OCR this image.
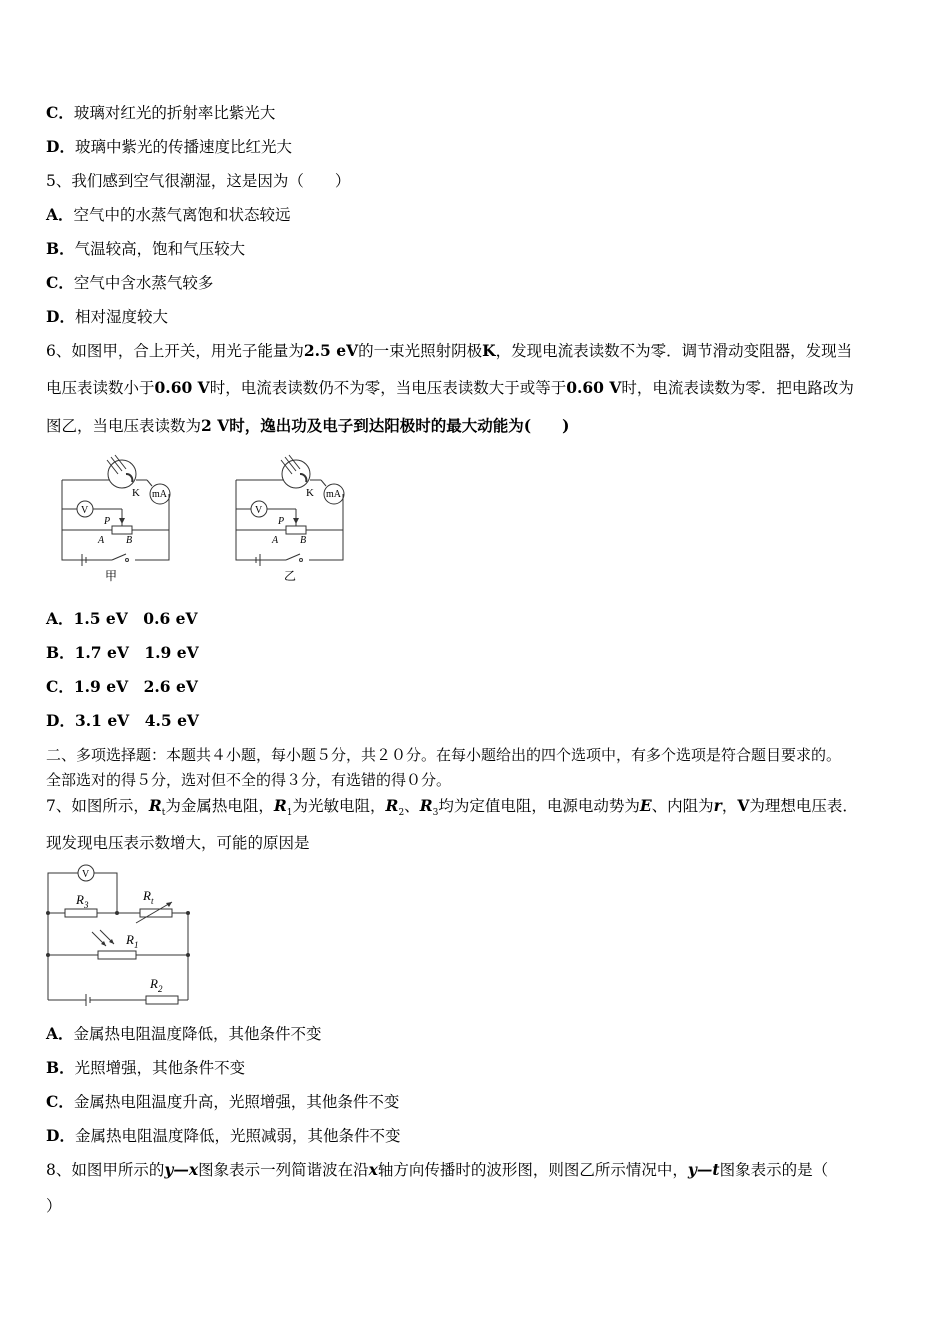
C．玻璃对红光的折射率比紫光大
D．玻璃中紫光的传播速度比红光大
5、我们感到空气很潮湿，这是因为（　　）
A．空气中的水蒸气离饱和状态较远
B．气温较高，饱和气压较大
C．空气中含水蒸气较多
D．相对湿度较大
6、如图甲，合上开关，用光子能量为2.5 eV的一束光照射阴极K，发现电流表读数不为零．调节滑动变阻器，发现当
电压表读数小于0.60 V时，电流表读数仍不为零，当电压表读数大于或等于0.60 V时，电流表读数为零．把电路改为
图乙，当电压表读数为2 V时，逸出功及电子到达阳极时的最大动能为(　　)
K mA
V
P
A B
甲
K mA
V
P
A B
乙
A．1.5 eV　0.6 eV
B．1.7 eV　1.9 eV
C．1.9 eV　2.6 eV
D．3.1 eV　4.5 eV
二、多项选择题：本题共４小题，每小题５分，共２０分。在每小题给出的四个选项中，有多个选项是符合题目要求的。
全部选对的得５分，选对但不全的得３分，有选错的得０分。
7、如图所示，$R_t$为金属热电阻，$R_1$为光敏电阻，$R_2$、$R_3$均为定值电阻，电源电动势为E、内阻为r，V为理想电压表．
现发现电压表示数增大，可能的原因是
V
$R_3$
$R_t$
$R_1$
$R_2$
A．金属热电阻温度降低，其他条件不变
B．光照增强，其他条件不变
C．金属热电阻温度升高，光照增强，其他条件不变
D．金属热电阻温度降低，光照减弱，其他条件不变
8、如图甲所示的y—x图象表示一列简谐波在沿x轴方向传播时的波形图，则图乙所示情况中，y—t图象表示的是（
）
